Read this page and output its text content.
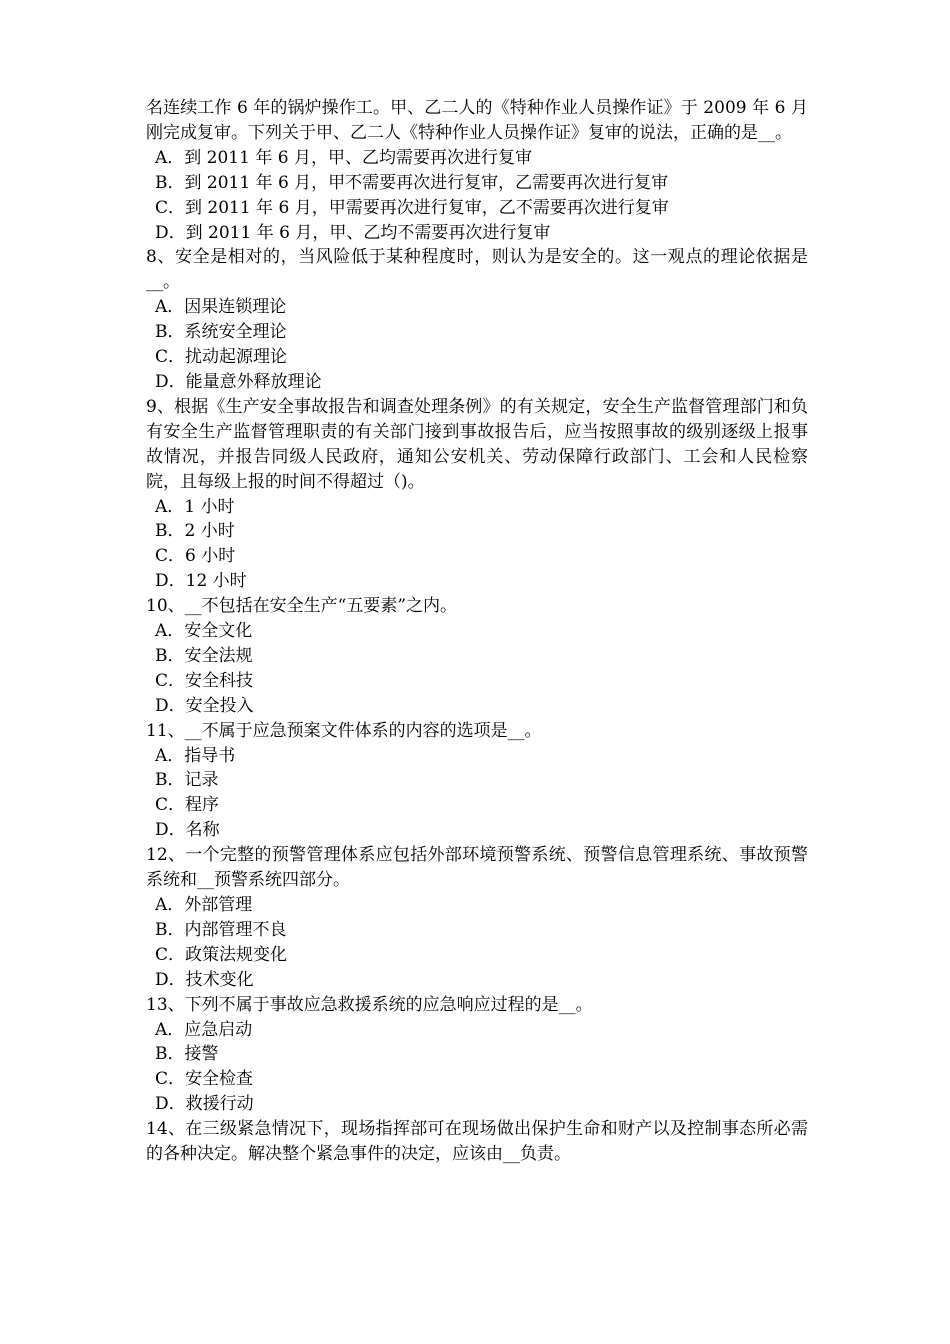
名连续工作 6 年的锅炉操作工。甲、乙二人的《特种作业人员操作证》于 2009 年 6 月刚完成复审。下列关于甲、乙二人《特种作业人员操作证》复审的说法，正确的是__。

A．到 2011 年 6 月，甲、乙均需要再次进行复审

B．到 2011 年 6 月，甲不需要再次进行复审，乙需要再次进行复审

C．到 2011 年 6 月，甲需要再次进行复审，乙不需要再次进行复审

D．到 2011 年 6 月，甲、乙均不需要再次进行复审

8、安全是相对的，当风险低于某种程度时，则认为是安全的。这一观点的理论依据是__。

A．因果连锁理论

B．系统安全理论

C．扰动起源理论

D．能量意外释放理论

9、根据《生产安全事故报告和调查处理条例》的有关规定，安全生产监督管理部门和负有安全生产监督管理职责的有关部门接到事故报告后，应当按照事故的级别逐级上报事故情况，并报告同级人民政府，通知公安机关、劳动保障行政部门、工会和人民检察院，且每级上报的时间不得超过（)。

A．1 小时

B．2 小时

C．6 小时

D．12 小时

10、__不包括在安全生产“五要素”之内。

A．安全文化

B．安全法规

C．安全科技

D．安全投入

11、__不属于应急预案文件体系的内容的选项是__。

A．指导书

B．记录

C．程序

D．名称

12、一个完整的预警管理体系应包括外部环境预警系统、预警信息管理系统、事故预警系统和__预警系统四部分。

A．外部管理

B．内部管理不良

C．政策法规变化

D．技术变化

13、下列不属于事故应急救援系统的应急响应过程的是__。

A．应急启动

B．接警

C．安全检查

D．救援行动

14、在三级紧急情况下，现场指挥部可在现场做出保护生命和财产以及控制事态所必需的各种决定。解决整个紧急事件的决定，应该由__负责。
